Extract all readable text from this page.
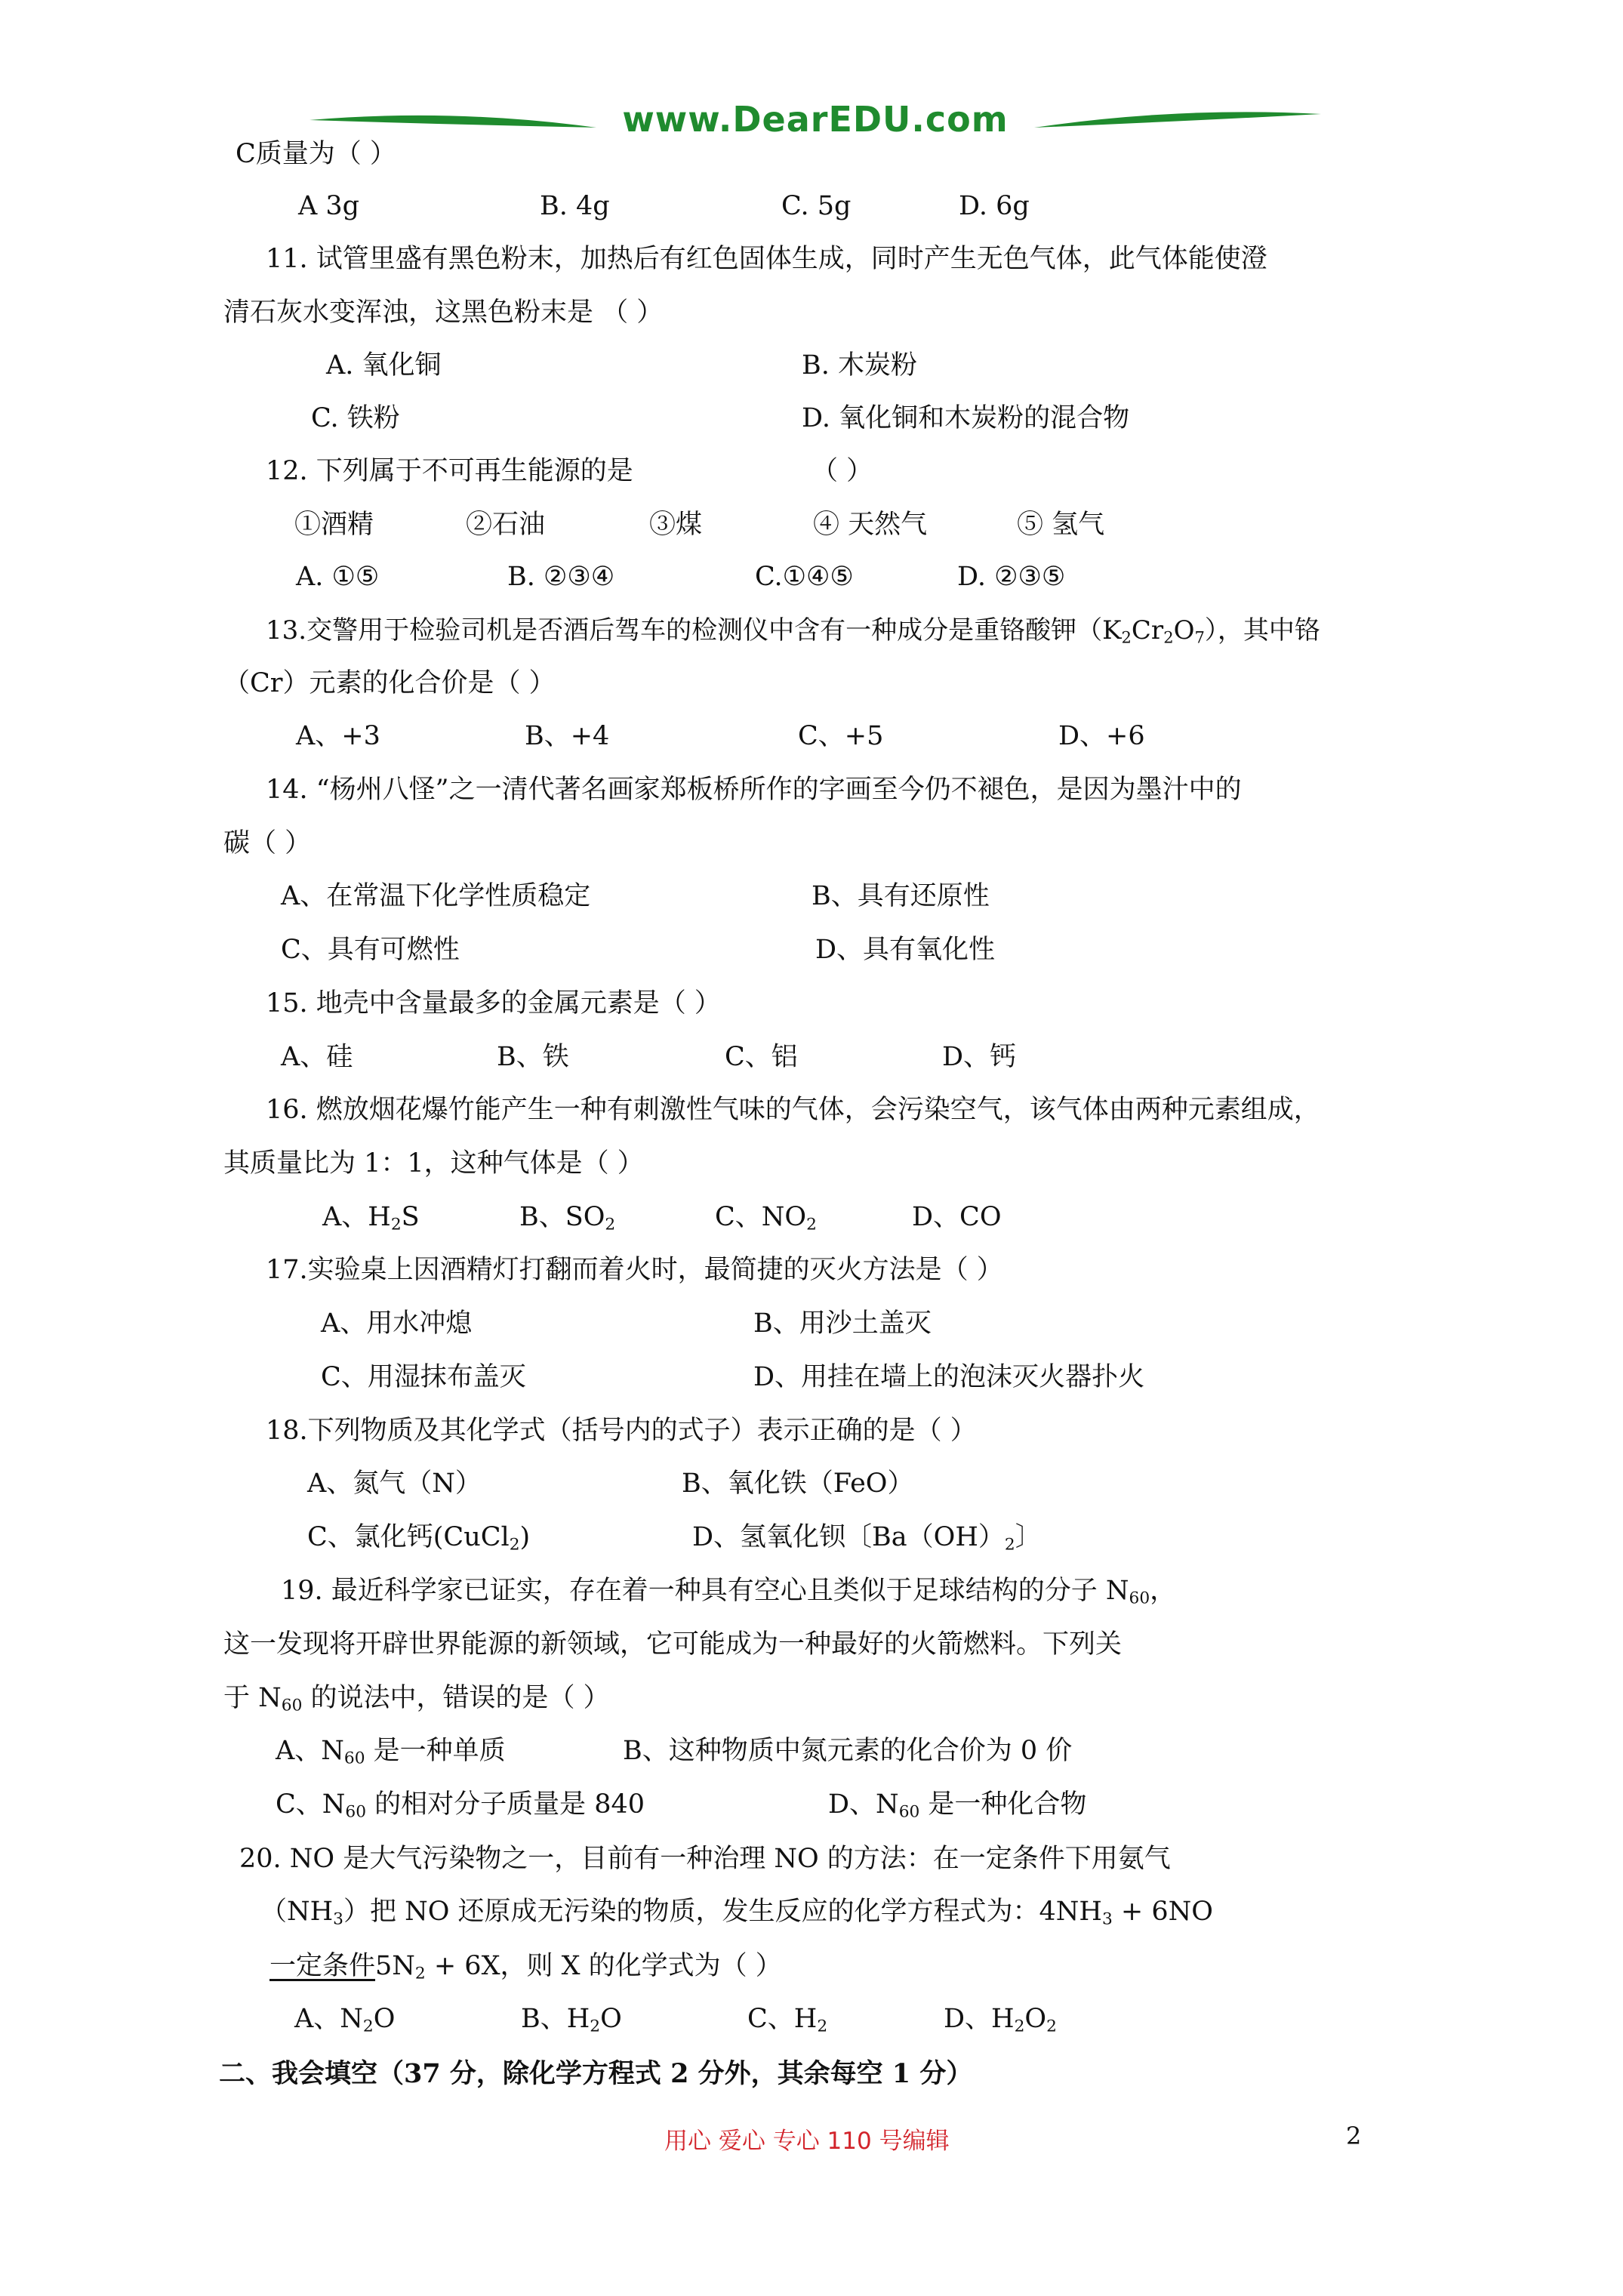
www.DearEDU.com
C质量为（ ）
A 3g	B. 4g	C. 5g	D. 6g
11. 试管里盛有黑色粉末，加热后有红色固体生成，同时产生无色气体，此气体能使澄
清石灰水变浑浊，这黑色粉末是 （ ）
A. 氧化铜	B. 木炭粉
C. 铁粉	D. 氧化铜和木炭粉的混合物
12. 下列属于不可再生能源的是	（ ）
①酒精	②石油	③煤	④ 天然气	⑤ 氢气
A. ①⑤	B. ②③④	C.①④⑤	D. ②③⑤
13.交警用于检验司机是否酒后驾车的检测仪中含有一种成分是重铬酸钾$(K_2Cr_2O_7)$，其中铬
（Cr）元素的化合价是（ ）
A、+3	B、+4	C、+5	D、+6
14. “杨州八怪”之一清代著名画家郑板桥所作的字画至今仍不褪色，是因为墨汁中的
碳（ ）
A、在常温下化学性质稳定	B、具有还原性
C、具有可燃性	D、具有氧化性
15. 地壳中含量最多的金属元素是（ ）
A、硅	B、铁	C、铝	D、钙
16. 燃放烟花爆竹能产生一种有刺激性气味的气体，会污染空气，该气体由两种元素组成，
其质量比为 1：1，这种气体是（ ）
A、$H_2S$	B、$SO_2$	C、$NO_2$	D、CO
17.实验桌上因酒精灯打翻而着火时，最简捷的灭火方法是（ ）
A、用水冲熄	B、用沙土盖灭
C、用湿抹布盖灭	D、用挂在墙上的泡沫灭火器扑火
18.下列物质及其化学式（括号内的式子）表示正确的是（ ）
A、氮气（N）	B、氧化铁（FeO）
C、氯化钙(CuCl$_2$)	D、氢氧化钡〔$Ba(OH)_2$〕
19. 最近科学家已证实，存在着一种具有空心且类似于足球结构的分子 $N_{60}$，
这一发现将开辟世界能源的新领域，它可能成为一种最好的火箭燃料。下列关
于 $N_{60}$ 的说法中，错误的是（ ）
A、$N_{60}$ 是一种单质	B、这种物质中氮元素的化合价为 0 价
C、$N_{60}$ 的相对分子质量是 840	D、$N_{60}$ 是一种化合物
20. NO 是大气污染物之一，目前有一种治理 NO 的方法：在一定条件下用氨气
$(NH_3)$把 NO 还原成无污染的物质，发生反应的化学方程式为：$4NH_3 + 6NO$
一定条件$5N_2 + 6X$，则 X 的化学式为（ ）
A、$N_2O$	B、$H_2O$	C、$H_2$	D、$H_2O_2$
二、我会填空（37 分，除化学方程式 2 分外，其余每空 1 分）
用心 爱心 专心 110 号编辑	2
